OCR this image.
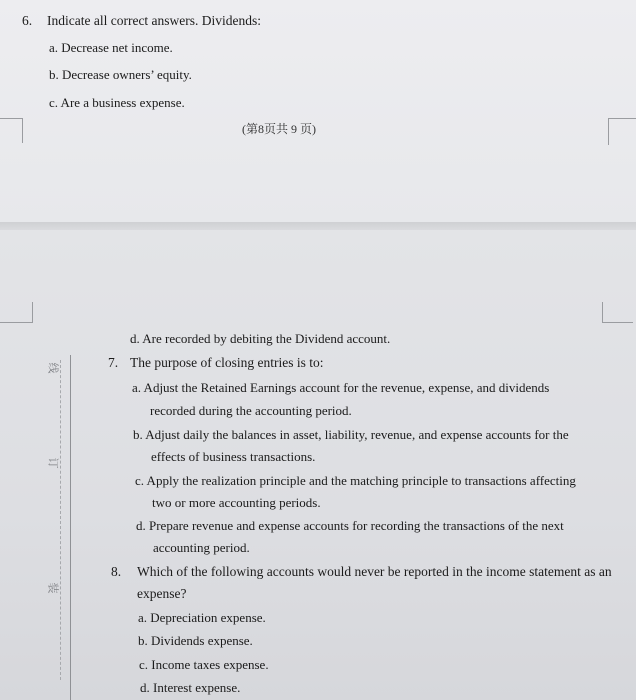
6. Indicate all correct answers. Dividends:
a. Decrease net income.
b. Decrease owners’ equity.
c. Are a business expense.
(第8页共 9 页)
线
订
装
d. Are recorded by debiting the Dividend account.
7. The purpose of closing entries is to:
a. Adjust the Retained Earnings account for the revenue, expense, and dividends
recorded during the accounting period.
b. Adjust daily the balances in asset, liability, revenue, and expense accounts for the
effects of business transactions.
c. Apply the realization principle and the matching principle to transactions affecting
two or more accounting periods.
d. Prepare revenue and expense accounts for recording the transactions of the next
accounting period.
8. Which of the following accounts would never be reported in the income statement as an
expense?
a. Depreciation expense.
b. Dividends expense.
c. Income taxes expense.
d. Interest expense.
